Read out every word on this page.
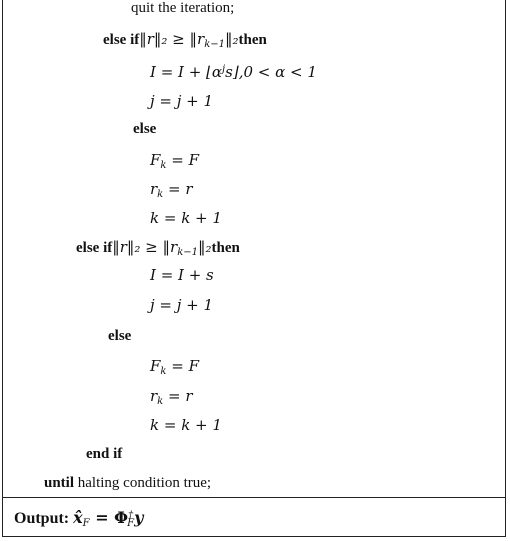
quit the iteration;
else if‖r‖₂ ≥ $‖r_{k-1}‖_2then$
$I = I + ⌊\alpha^js⌋,0 < \alpha < 1$
j = j + 1
else
$F_k = F$
$r_k = r$
k = k + 1
else if‖r‖₂ ≥ $‖r_{k-1}‖_2then$
I = I + s
j = j + 1
else
$F_k = F$
$r_k = r$
k = k + 1
end if
until halting condition true;
Output: $x̂_F = \Phi^\dagger_Fy$
